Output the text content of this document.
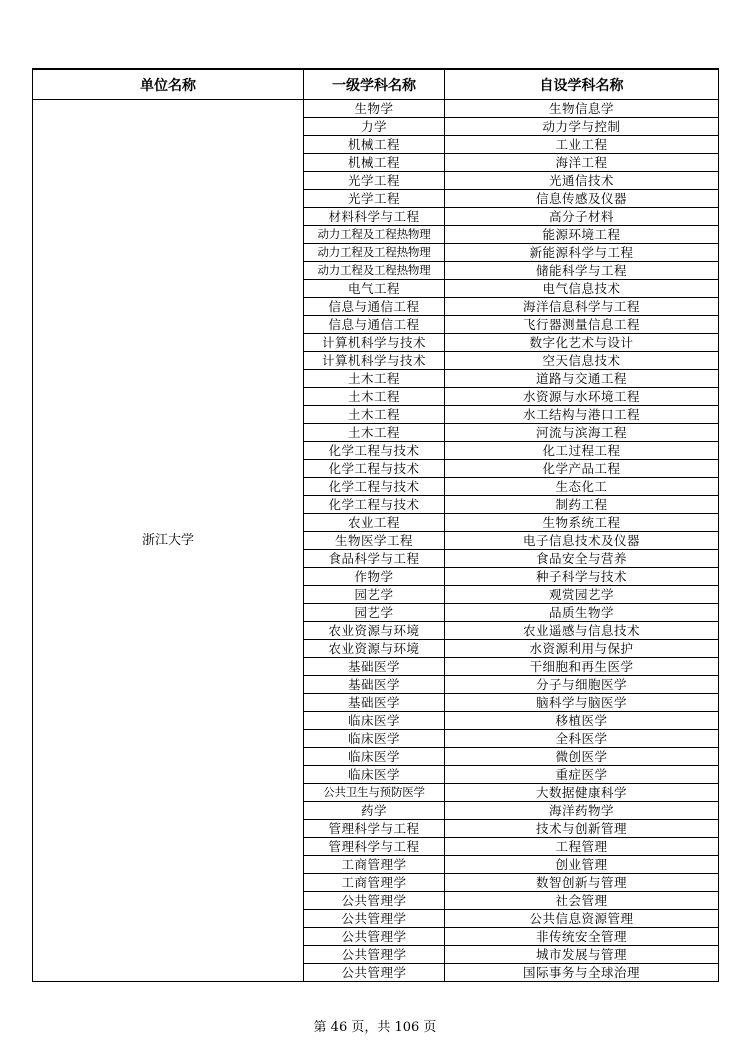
单位名称	一级学科名称	自设学科名称
浙江大学	生物学	生物信息学
	力学	动力学与控制
	机械工程	工业工程
	机械工程	海洋工程
	光学工程	光通信技术
	光学工程	信息传感及仪器
	材料科学与工程	高分子材料
	动力工程及工程热物理	能源环境工程
	动力工程及工程热物理	新能源科学与工程
	动力工程及工程热物理	储能科学与工程
	电气工程	电气信息技术
	信息与通信工程	海洋信息科学与工程
	信息与通信工程	飞行器测量信息工程
	计算机科学与技术	数字化艺术与设计
	计算机科学与技术	空天信息技术
	土木工程	道路与交通工程
	土木工程	水资源与水环境工程
	土木工程	水工结构与港口工程
	土木工程	河流与滨海工程
	化学工程与技术	化工过程工程
	化学工程与技术	化学产品工程
	化学工程与技术	生态化工
	化学工程与技术	制药工程
	农业工程	生物系统工程
	生物医学工程	电子信息技术及仪器
	食品科学与工程	食品安全与营养
	作物学	种子科学与技术
	园艺学	观赏园艺学
	园艺学	品质生物学
	农业资源与环境	农业遥感与信息技术
	农业资源与环境	水资源利用与保护
	基础医学	干细胞和再生医学
	基础医学	分子与细胞医学
	基础医学	脑科学与脑医学
	临床医学	移植医学
	临床医学	全科医学
	临床医学	微创医学
	临床医学	重症医学
	公共卫生与预防医学	大数据健康科学
	药学	海洋药物学
	管理科学与工程	技术与创新管理
	管理科学与工程	工程管理
	工商管理学	创业管理
	工商管理学	数智创新与管理
	公共管理学	社会管理
	公共管理学	公共信息资源管理
	公共管理学	非传统安全管理
	公共管理学	城市发展与管理
	公共管理学	国际事务与全球治理
第 46 页，共 106 页
